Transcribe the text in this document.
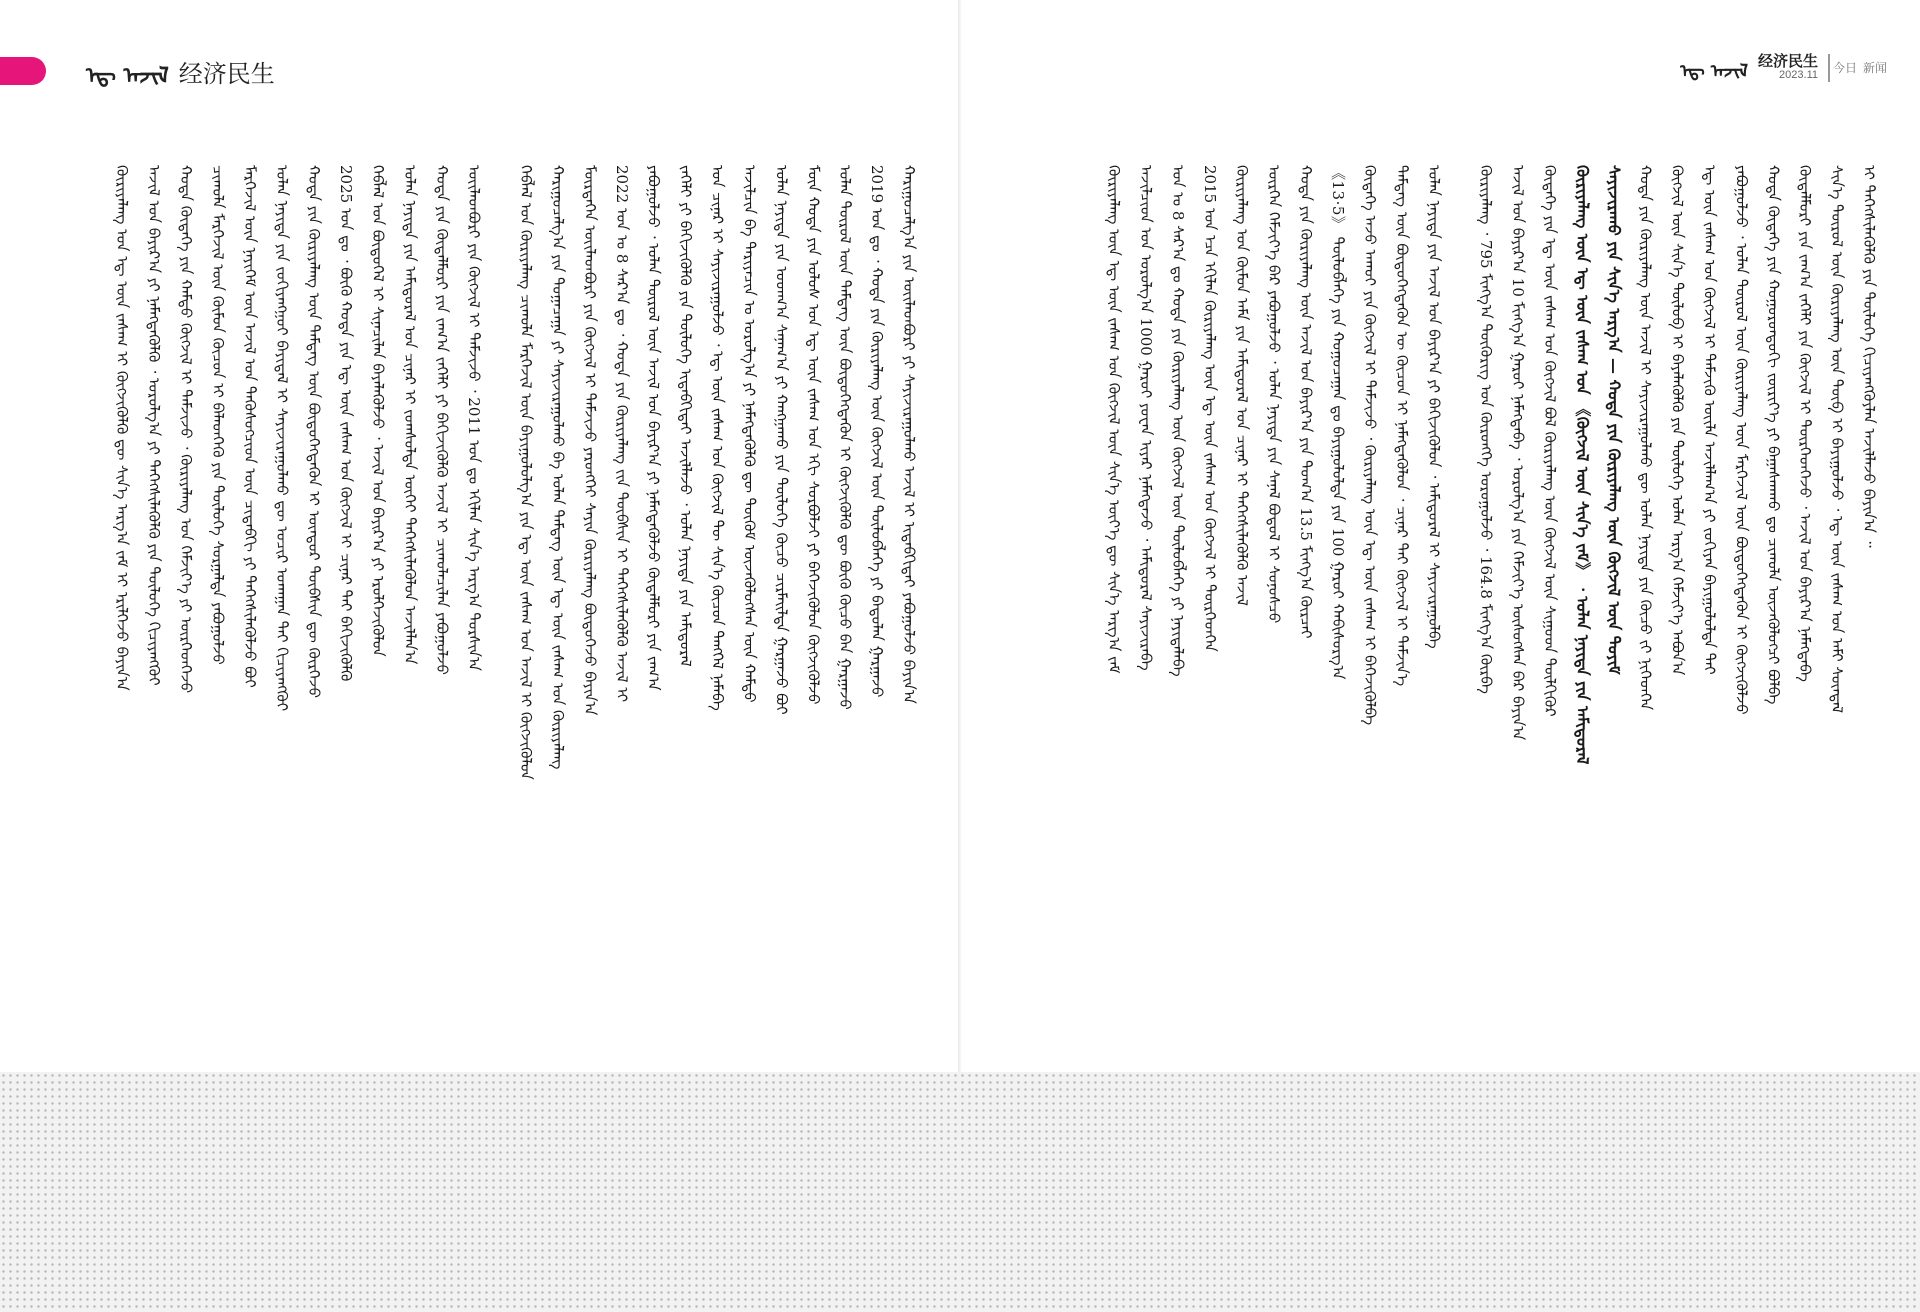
ᠡᠳ᠋ ᠠᠵᠢᠯ 经济民生
ᠦᠢᠯᠡᠳᠪᠦᠷᠢ ᠶᠢᠨ ᠬᠥᠭᠵᠢᠯ ᠢ ᠳᠡᠮᠵᠢᠵᠦ ᠂ 2011 ᠣᠨ ᠳᠤ ᠡᠬᠢᠯᠡᠨ ᠰᠢᠨ᠎ᠡ ᠠᠷᠭ᠎ᠠ ᠲᠤᠷᠰᠢᠨ᠎ᠠ
ᠬᠣᠲᠠ ᠶᠢᠨ ᠬᠥᠳᠡᠯᠮᠦᠷᠢ ᠶᠢᠨ ᠵᠠᠬ᠎ᠠ ᠵᠡᠭᠡᠯᠢ ᠶᠢ ᠪᠡᠬᠢᠵᠢᠭᠦᠯᠬᠦ ᠠᠵᠢᠯ ᠢ ᠴᠢᠬᠤᠯᠠᠴᠢᠯᠠᠨ ᠶᠠᠪᠤᠭᠤᠯᠵᠤ
ᠣᠯᠠᠨ ᠨᠡᠶᠢᠲᠡ ᠶᠢᠨ ᠠᠮᠢᠳᠤᠷᠠᠯ ᠤᠨ ᠴᠢᠨᠠᠷ ᠢ ᠵᠣᠭᠰᠣᠯᠲᠠ ᠦᠭᠡᠢ ᠳᠡᠭᠡᠭᠰᠢᠯᠡᠭᠦᠯᠦᠨ ᠠᠵᠢᠯᠯᠠᠨ᠎ᠠ
ᠬᠡᠪᠯᠡᠯ ᠤᠨ ᠪᠦᠲᠦᠭᠡᠯ ᠢ ᠰᠢᠨᠡᠴᠢᠯᠡᠨ ᠪᠡᠶᠡᠯᠡᠭᠦᠯᠵᠦ ᠂ ᠠᠵᠢᠯ ᠤᠨ ᠪᠠᠶᠢᠷ᠎ᠠ ᠶᠢ ᠡᠷᠦᠯᠬᠡᠵᠢᠭᠦᠯᠦᠨ
2025 ᠣᠨ ᠳᠤ ᠂ ᠪᠦᠬᠦ ᠬᠣᠲᠠ ᠶᠢᠨ ᠡᠳ᠋ ᠦᠨ ᠵᠠᠰᠠᠭ ᠤᠨ ᠬᠥᠭᠵᠢᠯ ᠢ ᠴᠢᠨᠠᠷ ᠲᠠᠢ ᠪᠡᠬᠢᠵᠢᠭᠦᠯᠬᠦ
ᠬᠣᠲᠠ ᠶᠢᠨ ᠬᠦᠷᠢᠶᠡᠯᠡᠩ ᠦᠨ ᠲᠡᠮᠳᠡᠭ ᠦᠨ ᠪᠦᠲᠦᠭᠡᠭᠳᠡᠬᠦᠨ ᠢ ᠥᠨᠳᠥᠷ ᠲᠦᠪᠰᠢᠨ ᠳᠦ ᠬᠦᠷᠭᠡᠵᠦ
ᠣᠯᠠᠨ ᠨᠡᠶᠢᠲᠡ ᠶᠢᠨ ᠵᠣᠬᠢᠶᠠᠩᠭᠤᠶ ᠪᠠᠶᠢᠳᠠᠯ ᠢ ᠰᠠᠶᠢᠵᠢᠷᠠᠭᠤᠯᠬᠤ ᠳᠦ ᠤᠴᠢᠷ ᠤᠬᠠᠭᠠᠨ ᠲᠠᠢ ᠬᠢᠴᠢᠶᠡᠩᠭᠦᠶ
ᠮᠡᠷᠭᠡᠵᠢᠯ ᠦᠨ ᠨᠡᠶᠢᠭᠡᠮ ᠦᠨ ᠠᠵᠢᠯ ᠤᠨ ᠲᠡᠭᠦᠰᠦᠭᠴᠢᠳ ᠦᠨ ᠴᠢᠳᠠᠪᠬᠢ ᠶᠢ ᠳᠡᠭᠡᠭᠰᠢᠯᠡᠭᠦᠯᠵᠦ ᠪᠤᠢ
ᠴᠢᠬᠤᠯᠠ ᠮᠡᠷᠭᠡᠵᠢᠯ ᠦᠨ ᠬᠦᠮᠦᠨ ᠬᠦᠴᠦᠨ ᠢ ᠪᠡᠯᠡᠳᠬᠡᠬᠦ ᠶᠢᠨ ᠲᠥᠯᠦᠭᠡ ᠰᠤᠷᠭᠠᠯᠲᠠ ᠶᠠᠪᠤᠭᠤᠯᠵᠤ
ᠬᠣᠲᠠ ᠬᠥᠳᠡᠭᠡ ᠶᠢᠨ ᠬᠠᠮᠲᠤ ᠬᠥᠭᠵᠢᠯ ᠢ ᠳᠡᠮᠵᠢᠵᠦ ᠂ ᠬᠦᠷᠢᠶᠡᠯᠡᠩ ᠤᠨ ᠬᠡᠮᠵᠢᠶ᠎ᠡ ᠶᠢ ᠥᠷᠭᠡᠳᠬᠡᠵᠦ
ᠠᠵᠢᠯ ᠤᠨ ᠪᠠᠶᠢᠷ᠎ᠠ ᠶᠢ ᠨᠡᠮᠡᠭᠳᠡᠭᠦᠯᠬᠦ ᠂ ᠣᠷᠤᠯᠭ᠎ᠠ ᠶᠢ ᠳᠡᠭᠡᠭᠰᠢᠯᠡᠭᠦᠯᠬᠦ ᠶᠢᠨ ᠲᠥᠯᠦᠭᠡ ᠬᠢᠴᠢᠶᠡᠩᠭᠦᠶ
ᠬᠦᠷᠢᠶᠡᠯᠡᠩ ᠤᠨ ᠡᠳ᠋ ᠦᠨ ᠵᠠᠰᠠᠭ ᠢ ᠬᠥᠭᠵᠢᠭᠦᠯᠬᠦ ᠳᠦ ᠰᠢᠨ᠎ᠡ ᠠᠷᠭ᠎ᠠ ᠵᠠᠮ ᠢ ᠡᠷᠢᠯᠬᠡᠵᠦ ᠪᠠᠶᠢᠨ᠎ᠠ	ᠬᠠᠷᠢᠭᠤᠴᠠᠯᠭ᠎ᠠ ᠶᠢᠨ ᠦᠢᠯᠡᠳᠪᠦᠷᠢ ᠶᠢ ᠰᠠᠶᠢᠵᠢᠷᠠᠭᠤᠯᠬᠤ ᠠᠵᠢᠯ ᠢ ᠢᠳᠡᠪᠬᠢᠲᠡᠢ ᠶᠠᠪᠤᠭᠤᠯᠵᠤ ᠪᠠᠶᠢᠨ᠎ᠠ
2019 ᠣᠨ ᠳᠤ ᠂ ᠬᠣᠲᠠ ᠶᠢᠨ ᠬᠦᠷᠢᠶᠡᠯᠡᠩ ᠦᠨ ᠬᠦᠭᠵᠢᠯ ᠦᠨ ᠲᠥᠯᠦᠪᠯᠡᠭᠡ ᠶᠢ ᠪᠠᠲᠤᠯᠠᠨ ᠭᠠᠷᠭᠠᠵᠤ
ᠣᠯᠠᠨ ᠲᠥᠷᠥᠯ ᠦᠨ ᠲᠡᠮᠳᠡᠭ ᠦᠨ ᠪᠦᠲᠦᠭᠡᠭᠳᠡᠬᠦᠨ ᠢ ᠬᠥᠭᠵᠢᠭᠦᠯᠬᠦ ᠳᠦ ᠪᠦᠬᠦ ᠬᠦᠴᠦ ᠪᠡᠨ ᠭᠠᠷᠭᠠᠵᠤ
ᠮᠥᠨ ᠬᠣᠲᠠ ᠶᠢᠨ ᠤᠯᠤᠰ ᠤᠨ ᠡᠳ᠋ ᠦᠨ ᠵᠠᠰᠠᠭ ᠤᠨ ᠡᠬᠢ ᠰᠤᠷᠪᠤᠯᠵᠢ ᠶᠢ ᠪᠡᠬᠡᠵᠢᠭᠦᠯᠦᠨ ᠬᠥᠭᠵᠢᠭᠦᠯᠵᠦ
ᠣᠯᠠᠨ ᠨᠡᠶᠢᠲᠡ ᠶᠢᠨ ᠤᠳᠬ᠎ᠠ ᠰᠠᠨᠠᠭ᠎ᠠ ᠶᠢ ᠬᠠᠩᠭᠠᠬᠤ ᠶᠢᠨ ᠲᠥᠯᠦᠭᠡ ᠬᠦᠴᠦ ᠴᠢᠷᠮᠠᠢᠯᠲᠠ ᠭᠠᠷᠭᠠᠵᠤ ᠪᠤᠢ
ᠠᠵᠢᠯᠴᠢᠨ ᠪᠠ ᠲᠠᠷᠢᠶᠠᠴᠢᠨ ᠤ ᠣᠷᠤᠯᠭ᠎ᠠ ᠶᠢ ᠨᠡᠮᠡᠭᠳᠡᠭᠦᠯᠬᠦ ᠳᠦ ᠳᠥᠭᠥᠮ ᠦᠵᠡᠭᠦᠯᠦᠭᠰᠡᠨ ᠦᠨ ᠬᠠᠮᠲᠤ
ᠤᠨ ᠴᠢᠨᠠᠷ ᠢ ᠰᠠᠶᠢᠵᠢᠷᠠᠭᠤᠯᠵᠤ ᠂ ᠡᠳ᠋ ᠦᠨ ᠵᠠᠰᠠᠭ ᠤᠨ ᠬᠥᠭᠵᠢᠯ ᠲᠦ ᠰᠢᠨ᠎ᠡ ᠬᠦᠴᠦᠨ ᠲᠡᠩᠭᠡᠯ ᠨᠡᠮᠡᠪᠡ
ᠵᠡᠭᠡᠯᠢ ᠶᠢ ᠪᠡᠬᠢᠵᠢᠭᠦᠯᠬᠦ ᠶᠢᠨ ᠲᠥᠯᠦᠭᠡ ᠢᠳᠡᠪᠬᠢᠲᠡᠢ ᠠᠵᠢᠯᠯᠠᠵᠤ ᠂ ᠣᠯᠠᠨ ᠨᠡᠶᠢᠲᠡ ᠶᠢᠨ ᠠᠮᠢᠳᠤᠷᠠᠯ
ᠶᠠᠪᠤᠭᠤᠯᠵᠤ ᠂ ᠣᠯᠠᠨ ᠲᠥᠷᠥᠯ ᠦᠨ ᠠᠵᠢᠯ ᠤᠨ ᠪᠠᠶᠢᠷ᠎ᠠ ᠶᠢ ᠨᠡᠮᠡᠭᠳᠡᠭᠦᠯᠵᠦ ᠬᠥᠳᠡᠯᠮᠦᠷᠢ ᠶᠢᠨ ᠵᠠᠬ᠎ᠠ
2022 ᠣᠨ ᠤ 8 ᠰᠠᠷ᠎ᠠ ᠳᠤ ᠂ ᠬᠣᠲᠠ ᠶᠢᠨ ᠬᠦᠷᠢᠶᠡᠯᠡᠩ ᠵᠢᠨ ᠲᠦᠪᠰᠢᠨ ᠢ ᠳᠡᠭᠡᠭᠰᠢᠯᠡᠭᠦᠯᠬᠦ ᠠᠵᠢᠯ ᠢ
ᠮᠥᠷᠲᠡᠭᠡᠨ ᠦᠢᠯᠡᠳᠪᠦᠷᠢ ᠶᠢᠨ ᠬᠥᠭᠵᠢᠯ ᠢ ᠳᠡᠮᠵᠢᠵᠦ ᠶᠡᠷᠦᠩᠬᠡᠢ ᠰᠠᠶᠢᠨ ᠬᠦᠷᠢᠶᠡᠯᠡᠩ ᠪᠦᠲᠦᠭᠡᠵᠦ ᠪᠠᠶᠢᠨ᠎ᠠ
ᠬᠠᠷᠢᠭᠤᠴᠠᠯᠭ᠎ᠠ ᠶᠢᠨ ᠲᠣᠭᠠᠴᠠᠭᠠ ᠶᠢ ᠰᠠᠶᠢᠵᠢᠷᠠᠭᠤᠯᠬᠤ ᠪᠠ ᠣᠯᠠᠨ ᠲᠡᠮᠳᠡᠭ ᠦᠨ ᠡᠳ᠋ ᠦᠨ ᠵᠠᠰᠠᠭ ᠤᠨ ᠬᠦᠷᠢᠶᠡᠯᠡᠩ
ᠬᠡᠪᠯᠡᠯ ᠤᠨ ᠬᠦᠷᠢᠶᠡᠯᠡᠩ ᠴᠢᠬᠤᠯᠠ ᠮᠡᠷᠭᠡᠵᠢᠯ ᠦᠨ ᠪᠠᠶᠢᠭᠤᠯᠤᠯᠭ᠎ᠠ ᠶᠢᠨ ᠡᠳ᠋ ᠦᠨ ᠵᠠᠰᠠᠭ ᠤᠨ ᠠᠵᠢᠯ ᠢ ᠬᠦᠭᠵᠢᠭᠦᠯᠦᠨ
ᠡᠳ᠋ ᠠᠵᠢᠯ 经济民生
2023.11
今日 新闻
ᠣᠯᠠᠨ ᠨᠡᠶᠢᠲᠡ ᠶᠢᠨ ᠠᠵᠢᠯ ᠤᠨ ᠪᠠᠶᠢᠷ᠎ᠠ ᠶᠢ ᠪᠡᠬᠢᠵᠢᠭᠦᠯᠦᠨ ᠂ ᠠᠮᠢᠳᠤᠷᠠᠯ ᠢ ᠰᠠᠶᠢᠵᠢᠷᠠᠭᠤᠯᠪᠠ
ᠲᠡᠮᠳᠡᠭ ᠦᠨ ᠪᠦᠲᠦᠭᠡᠭᠳᠡᠬᠦᠨ ᠦ ᠬᠦᠴᠦᠨ ᠢ ᠨᠡᠮᠡᠭᠳᠡᠭᠦᠯᠦᠨ ᠂ ᠴᠢᠨᠠᠷ ᠲᠠᠢ ᠬᠥᠭᠵᠢᠯ ᠢ ᠳᠡᠮᠵᠢᠨ᠎ᠡ
ᠬᠥᠳᠡᠭᠡ ᠠᠵᠤ ᠠᠬᠤᠢ ᠶᠢᠨ ᠬᠥᠭᠵᠢᠯ ᠢ ᠳᠡᠮᠵᠢᠵᠦ ᠂ ᠬᠦᠷᠢᠶᠡᠯᠡᠩ ᠦᠨ ᠡᠳ᠋ ᠦᠨ ᠵᠠᠰᠠᠭ ᠢ ᠪᠡᠬᠡᠵᠢᠭᠦᠯᠪᠡ
《13·5》 ᠲᠥᠯᠦᠪᠯᠡᠭᠡ ᠶᠢᠨ ᠬᠤᠭᠤᠴᠠᠭᠠᠨ ᠳᠤ ᠪᠠᠶᠢᠭᠤᠯᠤᠯᠲᠠ ᠶᠢᠨ 100 ᠭᠠᠷᠤᠢ ᠬᠠᠪᠢᠰᠤᠷᠭ᠎ᠠ
ᠬᠣᠲᠠ ᠶᠢᠨ ᠬᠦᠷᠢᠶᠡᠯᠡᠩ ᠦᠨ ᠠᠵᠢᠯ ᠤᠨ ᠪᠠᠶᠢᠷ᠎ᠠ ᠶᠢᠨ ᠲᠣᠭ᠎ᠠ 13.5 ᠮᠢᠩᠭ᠎ᠠ ᠬᠦᠷᠴᠡᠢ
ᠥᠷᠭᠡᠨ ᠬᠡᠮᠵᠢᠶ᠎ᠡ ᠪᠡᠷ ᠶᠠᠪᠤᠭᠤᠯᠵᠤ ᠂ ᠣᠯᠠᠨ ᠨᠡᠶᠢᠲᠡ ᠶᠢᠨ ᠰᠠᠨᠠᠯ ᠪᠣᠳᠤᠯ ᠢ ᠰᠣᠨᠣᠰᠴᠤ
ᠬᠦᠷᠢᠶᠡᠯᠡᠩ ᠤᠨ ᠬᠦᠮᠦᠨ ᠠᠮᠠ ᠶᠢᠨ ᠠᠮᠢᠳᠤᠷᠠᠯ ᠤᠨ ᠴᠢᠨᠠᠷ ᠢ ᠳᠡᠭᠡᠭᠰᠢᠯᠡᠭᠦᠯᠬᠦ ᠠᠵᠢᠯ
2015 ᠣᠨ ᠡᠴᠡ ᠡᠬᠢᠯᠡᠨ ᠬᠦᠷᠢᠶᠡᠯᠡᠩ ᠦᠨ ᠡᠳ᠋ ᠦᠨ ᠵᠠᠰᠠᠭ ᠤᠨ ᠬᠥᠭᠵᠢᠯ ᠢ ᠲᠦᠷᠭᠡᠳᠬᠡᠨ
ᠣᠨ ᠤ 8 ᠰᠠᠷ᠎ᠠ ᠳᠤ ᠬᠣᠲᠠ ᠶᠢᠨ ᠬᠦᠷᠢᠶᠡᠯᠡᠩ ᠦᠨ ᠬᠥᠭᠵᠢᠯ ᠦᠨ ᠲᠥᠯᠦᠪᠯᠡᠭᠡ ᠶᠢ ᠨᠡᠶᠢᠲᠡᠯᠡᠪᠡ
ᠠᠵᠢᠯᠴᠢᠳ ᠤᠨ ᠣᠷᠤᠯᠭ᠎ᠠ 1000 ᠭᠠᠷᠤᠢ ᠶᠤᠸᠠᠨ ᠢᠶᠡᠷ ᠨᠡᠮᠡᠭᠳᠡᠵᠦ ᠂ ᠠᠮᠢᠳᠤᠷᠠᠯ ᠰᠠᠶᠢᠵᠢᠷᠠᠪᠠ
ᠬᠦᠷᠢᠶᠡᠯᠡᠩ ᠦᠨ ᠡᠳ᠋ ᠦᠨ ᠵᠠᠰᠠᠭ ᠤᠨ ᠬᠥᠭᠵᠢᠯ ᠦᠨ ᠰᠢᠨ᠎ᠡ ᠦᠶ᠎ᠡ ᠳᠦ ᠰᠢᠨ᠎ᠡ ᠠᠷᠭ᠎ᠠ ᠵᠠᠮ	ᠢ ᠳᠡᠭᠡᠭᠰᠢᠯᠡᠭᠦᠯᠬᠦ ᠶᠢᠨ ᠲᠥᠯᠦᠭᠡ ᠬᠢᠴᠢᠶᠡᠩᠭᠦᠶᠯᠡᠨ ᠠᠵᠢᠯᠯᠠᠵᠤ ᠪᠠᠶᠢᠨ᠎ᠠ ᠃
ᠰᠢᠨ᠎ᠡ ᠲᠥᠷᠥᠯ ᠦᠨ ᠬᠦᠷᠢᠶᠡᠯᠡᠩ ᠦᠨ ᠲᠥᠪ ᠢ ᠪᠠᠶᠢᠭᠤᠯᠵᠤ ᠂ ᠡᠳ᠋ ᠦᠨ ᠵᠠᠰᠠᠭ ᠤᠨ ᠠᠮᠢ ᠰᠦᠨᠳᠡᠯ
ᠬᠥᠳᠡᠯᠮᠦᠷᠢ ᠶᠢᠨ ᠵᠠᠬ᠎ᠠ ᠵᠡᠭᠡᠯᠢ ᠶᠢᠨ ᠬᠥᠭᠵᠢᠯ ᠢ ᠲᠦᠷᠭᠡᠳᠬᠡᠵᠦ ᠂ ᠠᠵᠢᠯ ᠤᠨ ᠪᠠᠶᠢᠷ᠎ᠠ ᠨᠡᠮᠡᠭᠳᠡᠪᠡ
ᠬᠣᠲᠠ ᠬᠥᠳᠡᠭᠡ ᠶᠢᠨ ᠬᠣᠭᠣᠷᠣᠨᠳᠤᠬᠢ ᠵᠥᠷᠢᠶ᠎ᠡ ᠶᠢ ᠪᠠᠭᠠᠰᠬᠠᠬᠤ ᠳᠤ ᠴᠢᠬᠤᠯᠠ ᠦᠵᠡᠭᠦᠯᠦᠭᠴᠢ ᠪᠣᠯᠪᠠ
ᠶᠠᠪᠤᠭᠤᠯᠵᠤ ᠂ ᠣᠯᠠᠨ ᠲᠥᠷᠥᠯ ᠦᠨ ᠬᠦᠷᠢᠶᠡᠯᠡᠩ ᠦᠨ ᠮᠡᠷᠭᠡᠵᠢᠯ ᠦᠨ ᠪᠦᠲᠦᠭᠡᠭᠳᠡᠬᠦᠨ ᠢ ᠬᠥᠭᠵᠢᠭᠦᠯᠵᠦ
ᠡᠳ᠋ ᠦᠨ ᠵᠠᠰᠠᠭ ᠤᠨ ᠬᠥᠭᠵᠢᠯ ᠢ ᠳᠡᠮᠵᠢᠬᠦ ᠦᠢᠯᠡ ᠠᠵᠢᠯᠯᠠᠭ᠎ᠠ ᠶᠢ ᠵᠣᠬᠢᠶᠠᠨ ᠪᠠᠶᠢᠭᠤᠯᠤᠯᠲᠠ ᠲᠠᠢ
ᠬᠥᠭᠵᠢᠯ ᠦᠨ ᠰᠢᠨ᠎ᠡ ᠲᠥᠯᠥᠪ ᠢ ᠪᠡᠶᠡᠯᠡᠭᠦᠯᠬᠦ ᠶᠢᠨ ᠲᠥᠯᠦᠭᠡ ᠣᠯᠠᠨ ᠠᠷᠭ᠎ᠠ ᠬᠡᠮᠵᠢᠶ᠎ᠡ ᠠᠪᠤᠨ᠎ᠠ
ᠬᠣᠲᠠ ᠶᠢᠨ ᠬᠦᠷᠢᠶᠡᠯᠡᠩ ᠦᠨ ᠠᠵᠢᠯ ᠢ ᠰᠠᠶᠢᠵᠢᠷᠠᠭᠤᠯᠬᠤ ᠳᠦ ᠣᠯᠠᠨ ᠨᠡᠶᠢᠲᠡ ᠶᠢᠨ ᠬᠦᠴᠦ ᠵᠢ ᠨᠢᠭᠡᠳᠭᠡᠨ
ᠰᠠᠶᠢᠵᠢᠷᠠᠬᠤ ᠶᠢᠨ ᠰᠢᠨ᠎ᠡ ᠠᠷᠭ᠎ᠠ — ᠬᠣᠲᠠ ᠶᠢᠨ ᠬᠦᠷᠢᠶᠡᠯᠡᠩ ᠦᠨ ᠬᠥᠭᠵᠢᠯ ᠦᠨ ᠲᠣᠶᠢᠮ
ᠬᠦᠷᠢᠶᠡᠯᠡᠩ ᠦᠨ ᠡᠳ᠋ ᠦᠨ ᠵᠠᠰᠠᠭ ᠤᠨ 《ᠬᠥᠭᠵᠢᠯ ᠦᠨ ᠰᠢᠨ᠎ᠡ ᠵᠠᠮ》 ᠂ ᠣᠯᠠᠨ ᠨᠡᠶᠢᠲᠡ ᠶᠢᠨ ᠠᠮᠢᠳᠤᠷᠠᠯ
ᠬᠥᠳᠡᠭᠡ ᠶᠢᠨ ᠡᠳ᠋ ᠦᠨ ᠵᠠᠰᠠᠭ ᠤᠨ ᠬᠥᠭᠵᠢᠯ ᠪᠣᠯ ᠬᠦᠷᠢᠶᠡᠯᠡᠩ ᠦᠨ ᠬᠥᠭᠵᠢᠯ ᠦᠨ ᠰᠢᠭᠤᠳ ᠲᠦᠯᠬᠢᠭᠦᠷ
ᠠᠵᠢᠯ ᠤᠨ ᠪᠠᠶᠢᠷ᠎ᠠ 10 ᠮᠢᠩᠭ᠎ᠠ ᠭᠠᠷᠤᠢ ᠨᠡᠮᠡᠭᠳᠡᠪᠡ ᠂ ᠣᠷᠤᠯᠭ᠎ᠠ ᠶᠢᠨ ᠬᠡᠮᠵᠢᠶ᠎ᠡ ᠥᠰᠦᠭᠰᠡᠨ ᠪᠡᠷ ᠪᠠᠶᠢᠨ᠎ᠠ
ᠬᠦᠷᠢᠶᠡᠯᠡᠩ ᠂ 795 ᠮᠢᠩᠭ᠎ᠠ ᠲᠥᠭᠥᠷᠢᠭ ᠤᠨ ᠬᠥᠷᠥᠩᠭᠡ ᠣᠷᠤᠭᠤᠯᠵᠤ ᠂ 164.8 ᠮᠢᠩᠭ᠎ᠠ ᠬᠦᠷᠪᠡ
